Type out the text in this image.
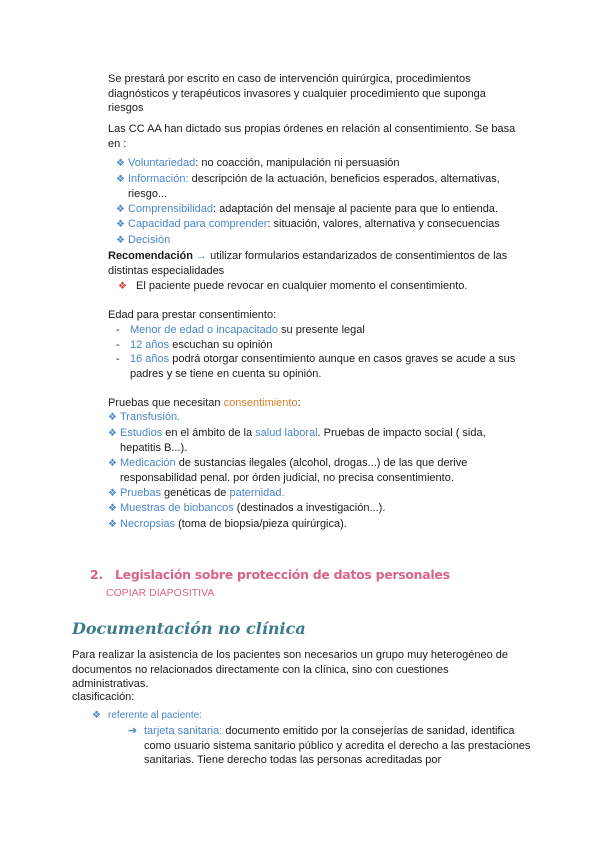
Se prestará por escrito en caso de intervención quirúrgica, procedimientos diagnósticos y terapéuticos invasores y cualquier procedimiento que suponga riesgos
Las CC AA han dictado sus propias órdenes en relación al consentimiento. Se basa en :
❖ Voluntariedad: no coacción, manipulación ni persuasión
❖ Información: descripción de la actuación, beneficios esperados, alternativas, riesgo...
❖ Comprensibilidad: adaptación del mensaje al paciente para que lo entienda.
❖ Capacidad para comprender: situación, valores, alternativa y consecuencias
❖ Decisión
Recomendación → utilizar formularios estandarizados de consentimientos de las distintas especialidades
❖ El paciente puede revocar en cualquier momento el consentimiento.
Edad para prestar consentimiento:
- Menor de edad o incapacitado su presente legal
- 12 años escuchan su opinión
- 16 años podrá otorgar consentimiento aunque en casos graves se acude a sus padres y se tiene en cuenta su opinión.
Pruebas que necesitan consentimiento:
❖ Transfusión.
❖ Estudios en el ámbito de la salud laboral. Pruebas de impacto social ( sida, hepatitis B...).
❖ Medicación de sustancias ilegales (alcohol, drogas...) de las que derive responsabilidad penal. por órden judicial, no precisa consentimiento.
❖ Pruebas genéticas de paternidad.
❖ Muestras de biobancos (destinados a investigación...).
❖ Necropsias (toma de biopsia/pieza quirúrgica).
2. Legislación sobre protección de datos personales
COPIAR DIAPOSITIVA
Documentación no clínica
Para realizar la asistencia de los pacientes son necesarios un grupo muy heterogéneo de documentos no relacionados directamente con la clínica, sino con cuestiones administrativas.
clasificación:
❖ referente al paciente:
➔ tarjeta sanitaria: documento emitido por la consejerías de sanidad, identifica como usuario sistema sanitario público y acredita el derecho a las prestaciones sanitarias. Tiene derecho todas las personas acreditadas por
